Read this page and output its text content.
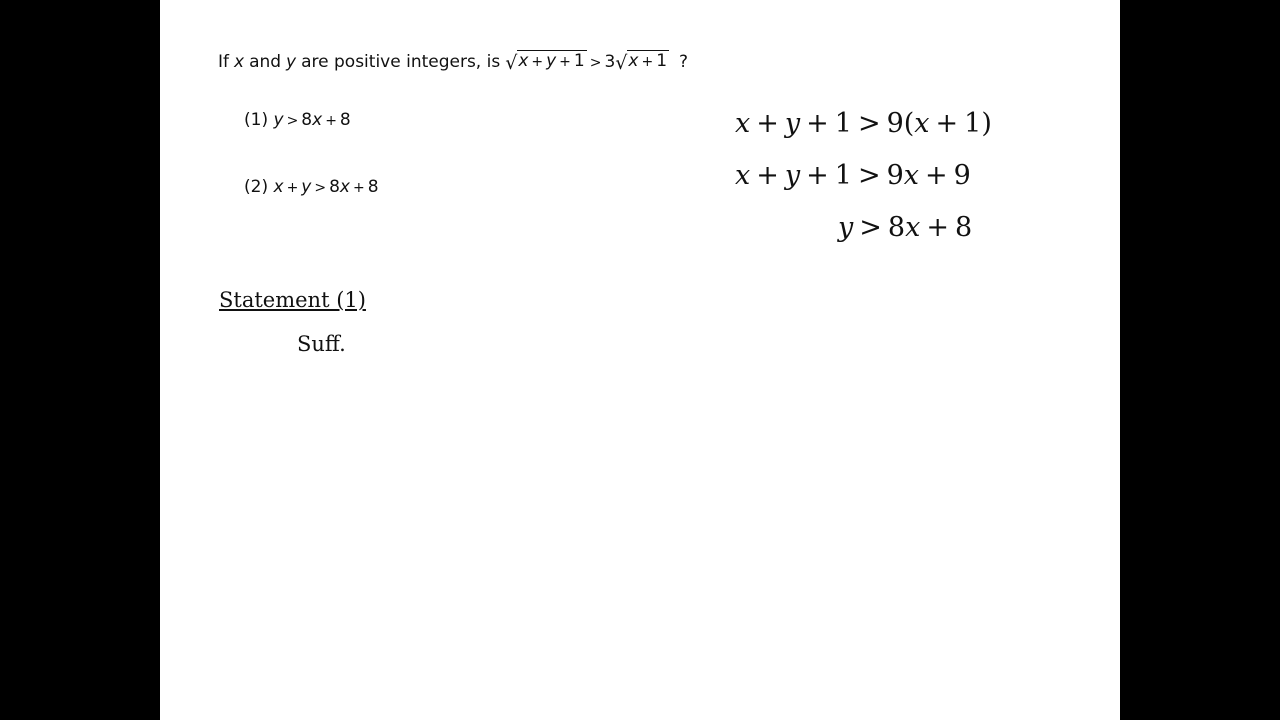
If x and y are positive integers, is √ x + y + 1 > 3 √ x + 1 ?
(1) y > 8x + 8
(2) x + y > 8x + 8
x + y + 1 > 9(x + 1)
x + y + 1 > 9x + 9
y > 8x + 8
Statement (1)
Suff.
